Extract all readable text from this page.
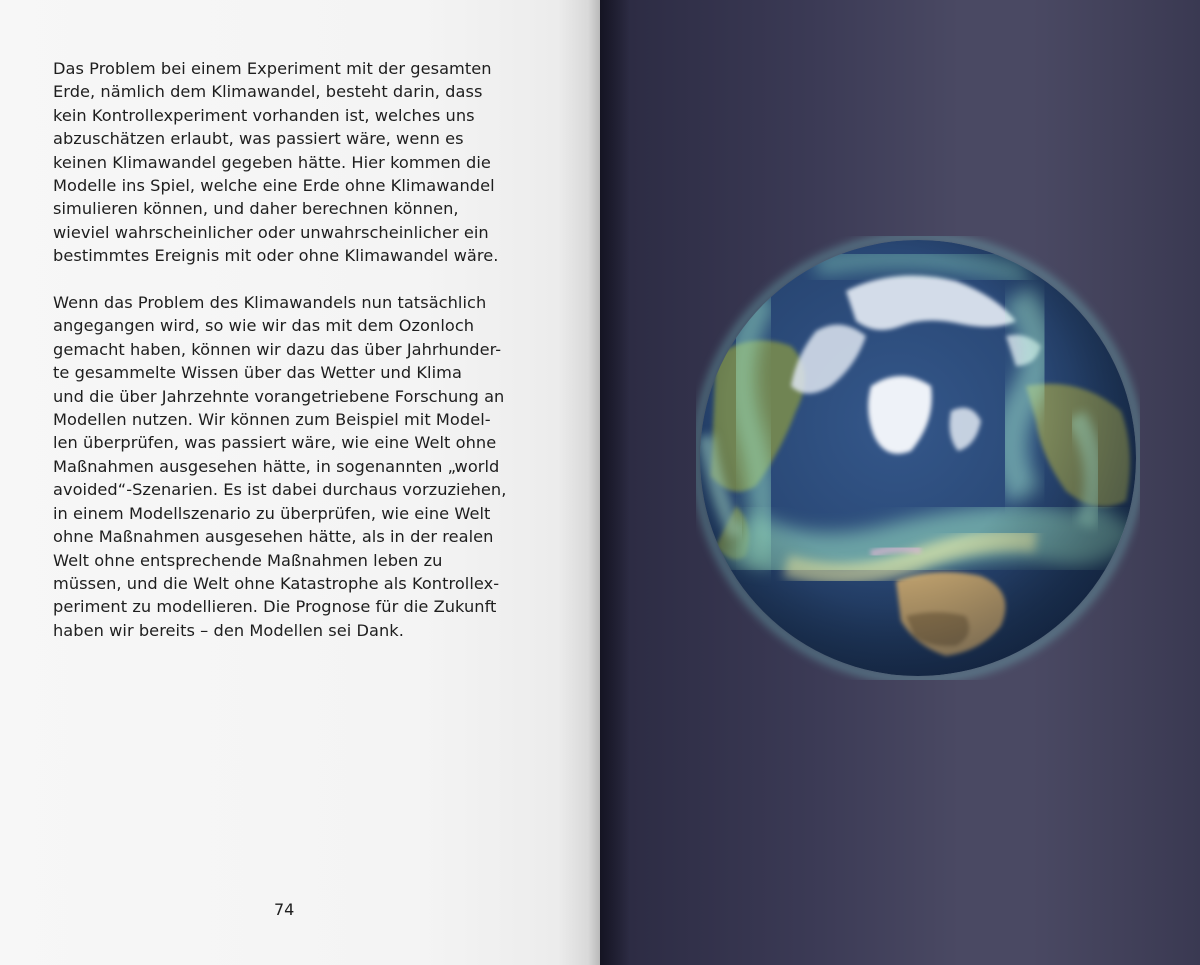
Das Problem bei einem Experiment mit der gesamten
Erde, nämlich dem Klimawandel, besteht darin, dass
kein Kontrollexperiment vorhanden ist, welches uns
abzuschätzen erlaubt, was passiert wäre, wenn es
keinen Klimawandel gegeben hätte. Hier kommen die
Modelle ins Spiel, welche eine Erde ohne Klimawandel
simulieren können, und daher berechnen können,
wieviel wahrscheinlicher oder unwahrscheinlicher ein
bestimmtes Ereignis mit oder ohne Klimawandel wäre.

Wenn das Problem des Klimawandels nun tatsächlich
angegangen wird, so wie wir das mit dem Ozonloch
gemacht haben, können wir dazu das über Jahrhunder-
te gesammelte Wissen über das Wetter und Klima
und die über Jahrzehnte vorangetriebene Forschung an
Modellen nutzen. Wir können zum Beispiel mit Model-
len überprüfen, was passiert wäre, wie eine Welt ohne
Maßnahmen ausgesehen hätte, in sogenannten „world
avoided“-Szenarien. Es ist dabei durchaus vorzuziehen,
in einem Modellszenario zu überprüfen, wie eine Welt
ohne Maßnahmen ausgesehen hätte, als in der realen
Welt ohne entsprechende Maßnahmen leben zu
müssen, und die Welt ohne Katastrophe als Kontrollex-
periment zu modellieren. Die Prognose für die Zukunft
haben wir bereits – den Modellen sei Dank.

74
